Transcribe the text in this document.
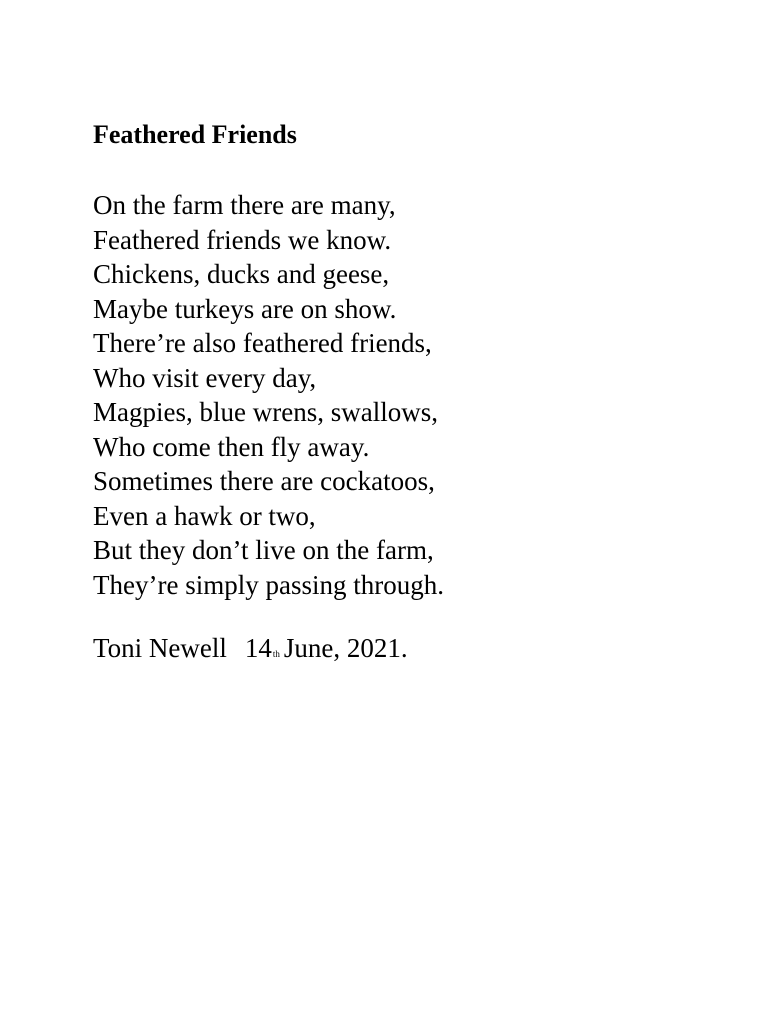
Feathered Friends
On the farm there are many,
Feathered friends we know.
Chickens, ducks and geese,
Maybe turkeys are on show.
There’re also feathered friends,
Who visit every day,
Magpies, blue wrens, swallows,
Who come then fly away.
Sometimes there are cockatoos,
Even a hawk or two,
But they don’t live on the farm,
They’re simply passing through.
Toni Newell 14th June, 2021.
